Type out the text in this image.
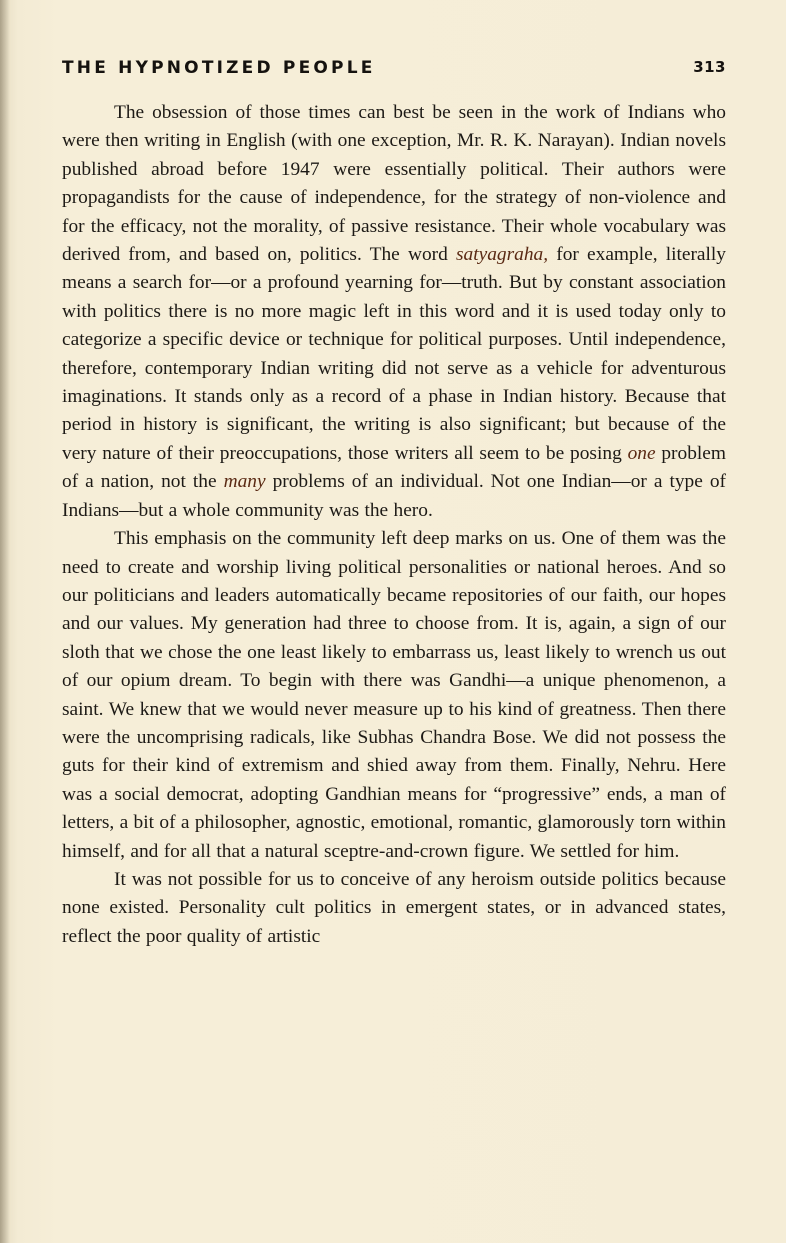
THE HYPNOTIZED PEOPLE	313

The obsession of those times can best be seen in the work of Indians who were then writing in English (with one exception, Mr. R. K. Narayan). Indian novels published abroad before 1947 were essentially political. Their authors were propagandists for the cause of independence, for the strategy of non-violence and for the efficacy, not the morality, of passive resistance. Their whole vocabulary was derived from, and based on, politics. The word satyagraha, for example, literally means a search for—or a profound yearning for—truth. But by constant association with politics there is no more magic left in this word and it is used today only to categorize a specific device or technique for political purposes. Until independence, therefore, contemporary Indian writing did not serve as a vehicle for adventurous imaginations. It stands only as a record of a phase in Indian history. Because that period in history is significant, the writing is also significant; but because of the very nature of their preoccupations, those writers all seem to be posing one problem of a nation, not the many problems of an individual. Not one Indian—or a type of Indians—but a whole community was the hero.

This emphasis on the community left deep marks on us. One of them was the need to create and worship living political personalities or national heroes. And so our politicians and leaders automatically became repositories of our faith, our hopes and our values. My generation had three to choose from. It is, again, a sign of our sloth that we chose the one least likely to embarrass us, least likely to wrench us out of our opium dream. To begin with there was Gandhi—a unique phenomenon, a saint. We knew that we would never measure up to his kind of greatness. Then there were the uncomprising radicals, like Subhas Chandra Bose. We did not possess the guts for their kind of extremism and shied away from them. Finally, Nehru. Here was a social democrat, adopting Gandhian means for “progressive” ends, a man of letters, a bit of a philosopher, agnostic, emotional, romantic, glamorously torn within himself, and for all that a natural sceptre-and-crown figure. We settled for him.

It was not possible for us to conceive of any heroism outside politics because none existed. Personality cult politics in emergent states, or in advanced states, reflect the poor quality of artistic
